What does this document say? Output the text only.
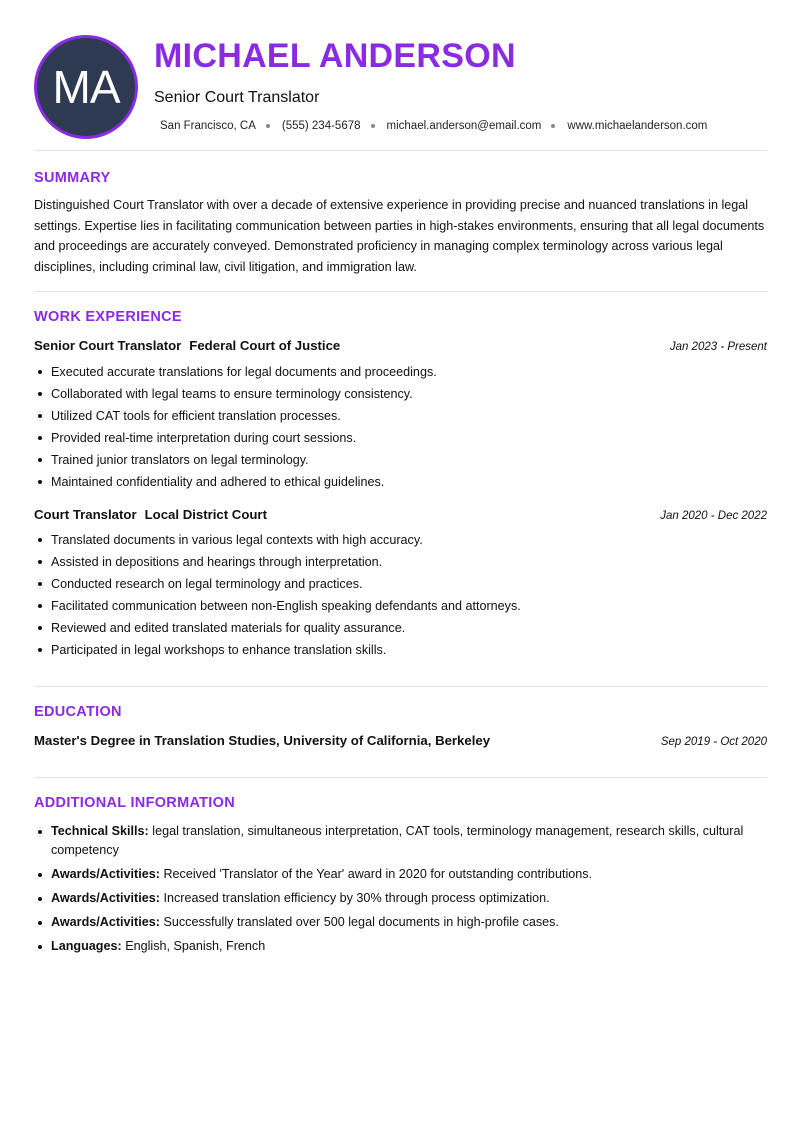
MA
MICHAEL ANDERSON
Senior Court Translator
San Francisco, CA (555) 234-5678 michael.anderson@email.com www.michaelanderson.com
SUMMARY

Distinguished Court Translator with over a decade of extensive experience in providing precise and nuanced translations in legal settings. Expertise lies in facilitating communication between parties in high-stakes environments, ensuring that all legal documents and proceedings are accurately conveyed. Demonstrated proficiency in managing complex terminology across various legal disciplines, including criminal law, civil litigation, and immigration law.

WORK EXPERIENCE
Senior Court Translator Federal Court of Justice	Jan 2023 - Present
Executed accurate translations for legal documents and proceedings.
Collaborated with legal teams to ensure terminology consistency.
Utilized CAT tools for efficient translation processes.
Provided real-time interpretation during court sessions.
Trained junior translators on legal terminology.
Maintained confidentiality and adhered to ethical guidelines.
Court Translator Local District Court	Jan 2020 - Dec 2022
Translated documents in various legal contexts with high accuracy.
Assisted in depositions and hearings through interpretation.
Conducted research on legal terminology and practices.
Facilitated communication between non-English speaking defendants and attorneys.
Reviewed and edited translated materials for quality assurance.
Participated in legal workshops to enhance translation skills.
EDUCATION
Master's Degree in Translation Studies, University of California, Berkeley	Sep 2019 - Oct 2020
ADDITIONAL INFORMATION
Technical Skills: legal translation, simultaneous interpretation, CAT tools, terminology management, research skills, cultural competency
Awards/Activities: Received 'Translator of the Year' award in 2020 for outstanding contributions.
Awards/Activities: Increased translation efficiency by 30% through process optimization.
Awards/Activities: Successfully translated over 500 legal documents in high-profile cases.
Languages: English, Spanish, French
